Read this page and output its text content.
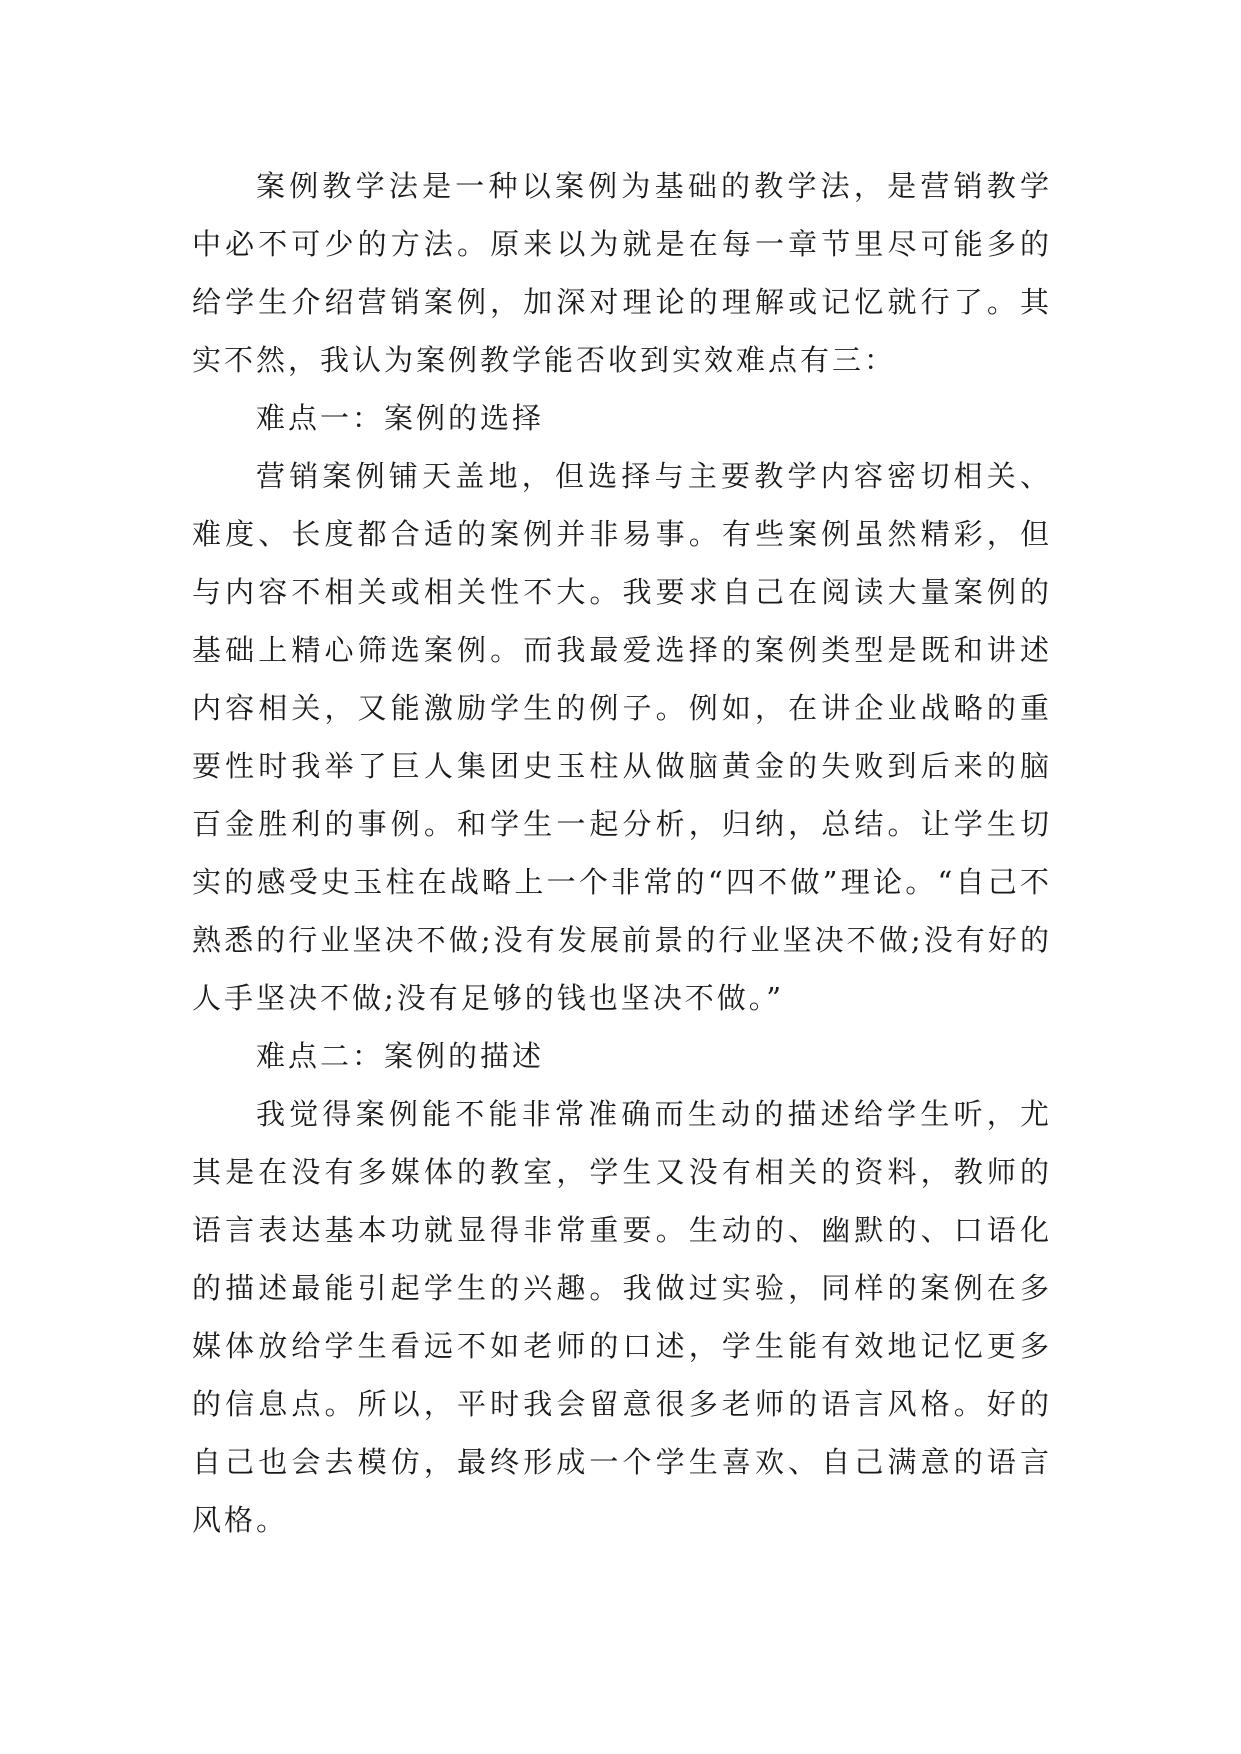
案例教学法是一种以案例为基础的教学法，是营销教学中必不可少的方法。原来以为就是在每一章节里尽可能多的给学生介绍营销案例，加深对理论的理解或记忆就行了。其实不然，我认为案例教学能否收到实效难点有三：

难点一：案例的选择

营销案例铺天盖地，但选择与主要教学内容密切相关、难度、长度都合适的案例并非易事。有些案例虽然精彩，但与内容不相关或相关性不大。我要求自己在阅读大量案例的基础上精心筛选案例。而我最爱选择的案例类型是既和讲述内容相关，又能激励学生的例子。例如，在讲企业战略的重要性时我举了巨人集团史玉柱从做脑黄金的失败到后来的脑百金胜利的事例。和学生一起分析，归纳，总结。让学生切实的感受史玉柱在战略上一个非常的“四不做”理论。“自己不熟悉的行业坚决不做;没有发展前景的行业坚决不做;没有好的人手坚决不做;没有足够的钱也坚决不做。”

难点二：案例的描述

我觉得案例能不能非常准确而生动的描述给学生听，尤其是在没有多媒体的教室，学生又没有相关的资料，教师的语言表达基本功就显得非常重要。生动的、幽默的、口语化的描述最能引起学生的兴趣。我做过实验，同样的案例在多媒体放给学生看远不如老师的口述，学生能有效地记忆更多的信息点。所以，平时我会留意很多老师的语言风格。好的自己也会去模仿，最终形成一个学生喜欢、自己满意的语言风格。
